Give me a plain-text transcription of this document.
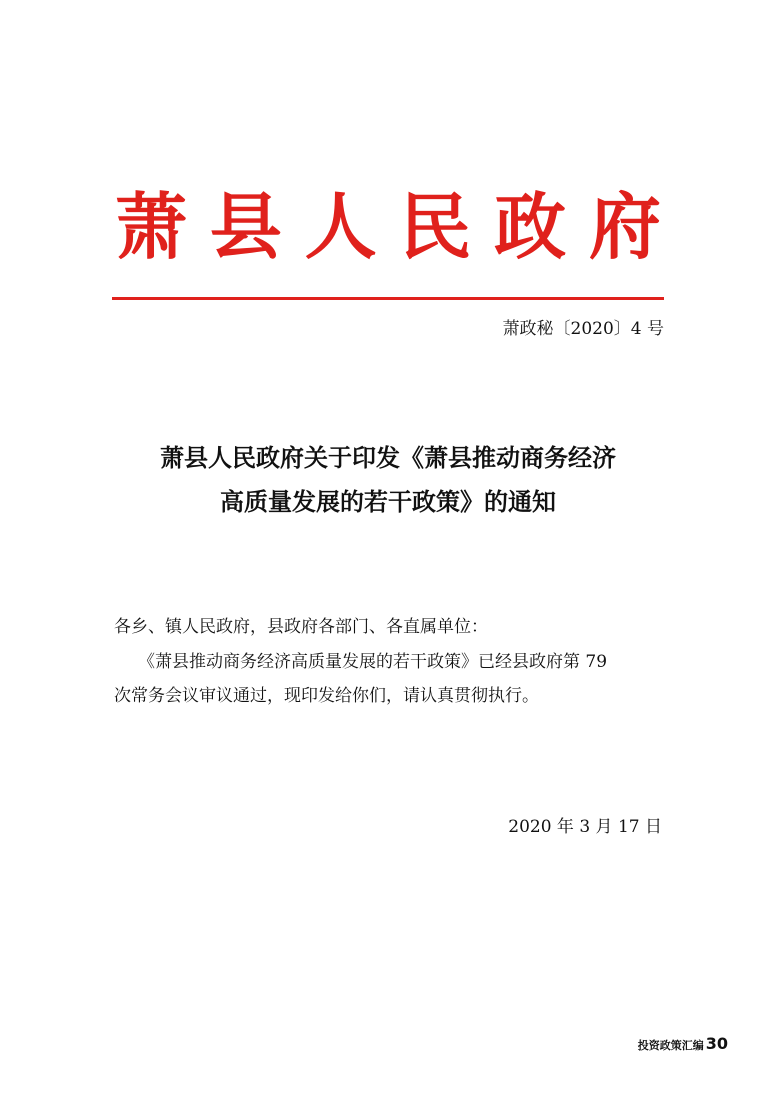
萧 县 人 民 政 府
萧政秘〔2020〕4 号
萧县人民政府关于印发《萧县推动商务经济
高质量发展的若干政策》的通知
各乡、镇人民政府，县政府各部门、各直属单位：
《萧县推动商务经济高质量发展的若干政策》已经县政府第 79
次常务会议审议通过，现印发给你们，请认真贯彻执行。
2020 年 3 月 17 日
投资政策汇编 30
